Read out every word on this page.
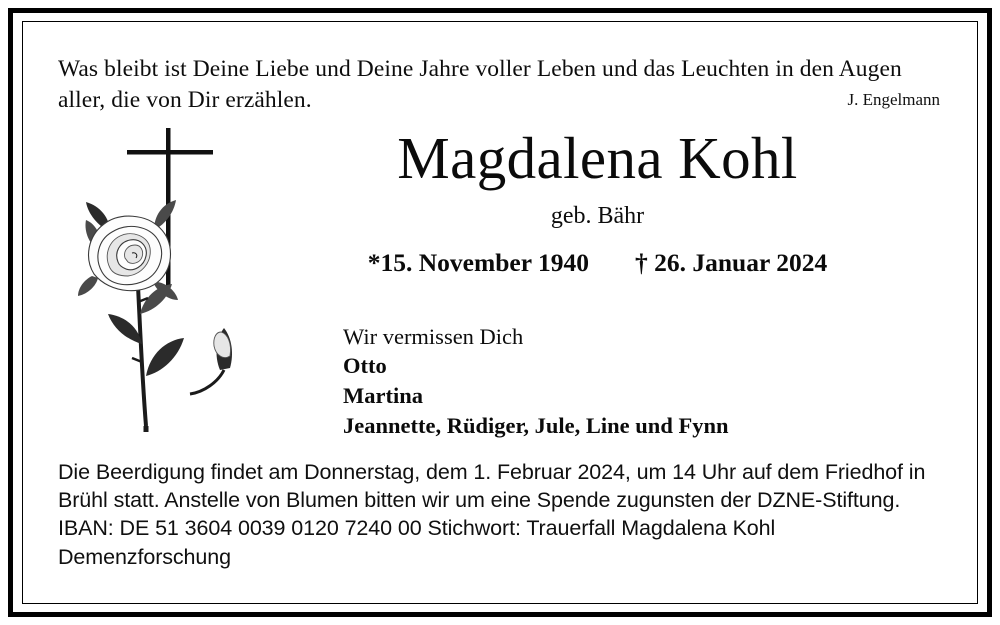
Was bleibt ist Deine Liebe und Deine Jahre voller Leben und das Leuchten in den Augen aller, die von Dir erzählen.	J. Engelmann
Magdalena Kohl
geb. Bähr
*15. November 1940 † 26. Januar 2024
Wir vermissen Dich
Otto
Martina
Jeannette, Rüdiger, Jule, Line und Fynn
Die Beerdigung findet am Donnerstag, dem 1. Februar 2024, um 14 Uhr auf dem Friedhof in Brühl statt. Anstelle von Blumen bitten wir um eine Spende zugunsten der DZNE-Stiftung. IBAN: DE 51 3604 0039 0120 7240 00 Stichwort: Trauerfall Magdalena Kohl Demenzforschung
